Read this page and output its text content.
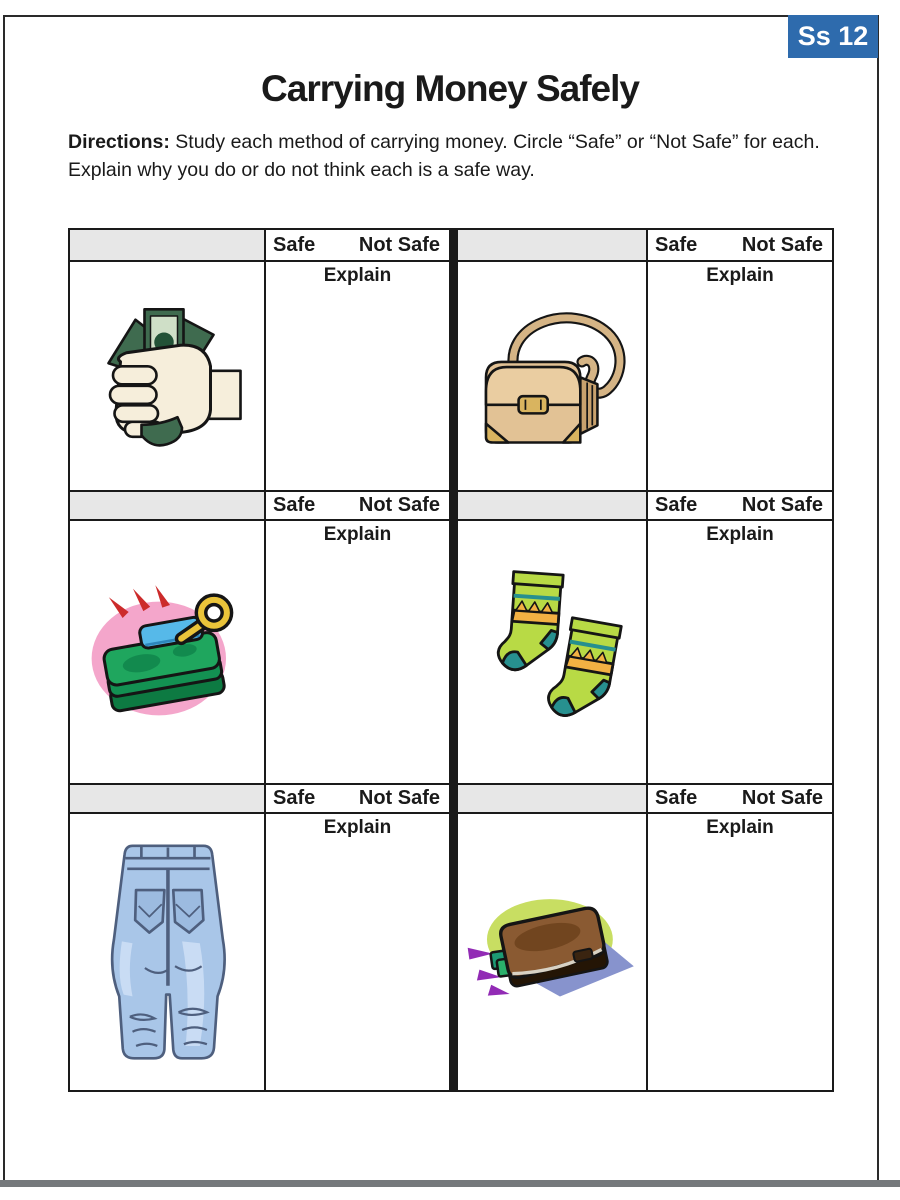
Ss 12
Carrying Money Safely
Directions: Study each method of carrying money. Circle “Safe” or “Not Safe” for each.
Explain why you do or do not think each is a safe way.
Safe Not Safe	Safe Not Safe
Explain	Explain
Safe Not Safe	Safe Not Safe
Explain	Explain
Safe Not Safe	Safe Not Safe
Explain	Explain
